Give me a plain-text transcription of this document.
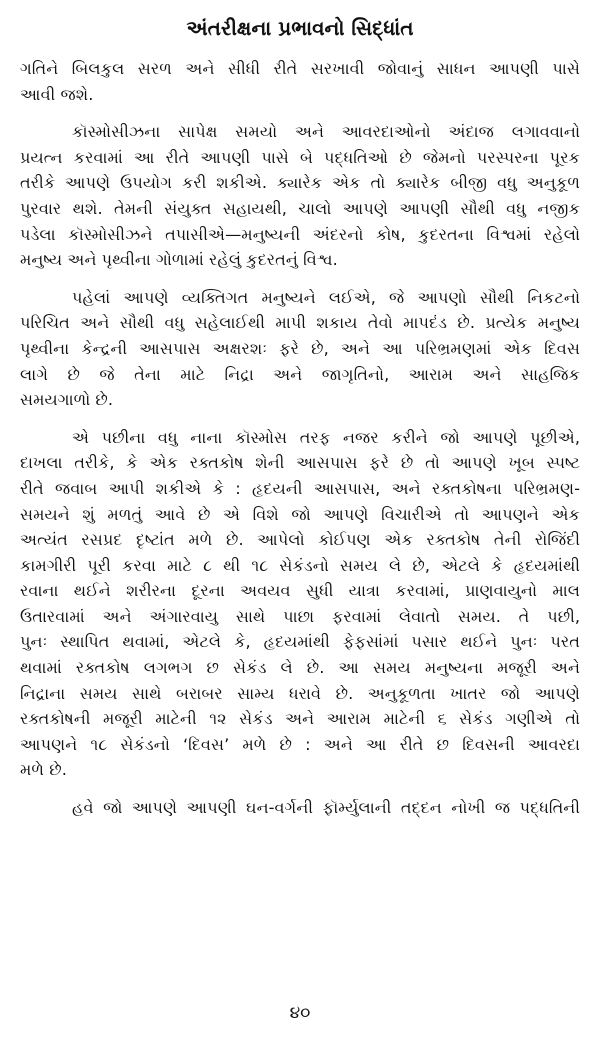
અંતરીક્ષના પ્રભાવનો સિદ્ધાંત
ગતિને બિલકુલ સરળ અને સીધી રીતે સરખાવી જોવાનું સાધન આપણી પાસે
આવી જશે.
કૉસ્મોસીઝના સાપેક્ષ સમયો અને આવરદાઓનો અંદાજ લગાવવાનો
પ્રયત્ન કરવામાં આ રીતે આપણી પાસે બે પદ્ધતિઓ છે જેમનો પરસ્પરના પૂરક
તરીકે આપણે ઉપયોગ કરી શકીએ. ક્યારેક એક તો ક્યારેક બીજી વધુ અનુકૂળ
પુરવાર થશે. તેમની સંયુક્ત સહાયથી, ચાલો આપણે આપણી સૌથી વધુ નજીક
પડેલા કૉસ્મોસીઝને તપાસીએ—મનુષ્યની અંદરનો કોષ, કુદરતના વિશ્વમાં રહેલો
મનુષ્ય અને પૃથ્વીના ગોળામાં રહેલું કુદરતનું વિશ્વ.
પહેલાં આપણે વ્યક્તિગત મનુષ્યને લઈએ, જે આપણો સૌથી નિકટનો
પરિચિત અને સૌથી વધુ સહેલાઈથી માપી શકાય તેવો માપદંડ છે. પ્રત્યેક મનુષ્ય
પૃથ્વીના કેન્દ્રની આસપાસ અક્ષરશઃ ફરે છે, અને આ પરિભ્રમણમાં એક દિવસ
લાગે છે જે તેના માટે નિદ્રા અને જાગૃતિનો, આરામ અને સાહજિક
સમયગાળો છે.
એ પછીના વધુ નાના કૉસ્મોસ તરફ નજર કરીને જો આપણે પૂછીએ,
દાખલા તરીકે, કે એક રક્તકોષ શેની આસપાસ ફરે છે તો આપણે ખૂબ સ્પષ્ટ
રીતે જવાબ આપી શકીએ કે : હૃદયની આસપાસ, અને રક્તકોષના પરિભ્રમણ-
સમયને શું મળતું આવે છે એ વિશે જો આપણે વિચારીએ તો આપણને એક
અત્યંત રસપ્રદ દૃષ્ટાંત મળે છે. આપેલો કોઈપણ એક રક્તકોષ તેની રોજિંદી
કામગીરી પૂરી કરવા માટે ૮ થી ૧૮ સેકંડનો સમય લે છે, એટલે કે હૃદયમાંથી
રવાના થઈને શરીરના દૂરના અવયવ સુધી યાત્રા કરવામાં, પ્રાણવાયુનો માલ
ઉતારવામાં અને અંગારવાયુ સાથે પાછા ફરવામાં લેવાતો સમય. તે પછી,
પુનઃ સ્થાપિત થવામાં, એટલે કે, હૃદયમાંથી ફેફસાંમાં પસાર થઈને પુનઃ પરત
થવામાં રક્તકોષ લગભગ છ સેકંડ લે છે. આ સમય મનુષ્યના મજૂરી અને
નિદ્રાના સમય સાથે બરાબર સામ્ય ધરાવે છે. અનુકૂળતા ખાતર જો આપણે
રક્તકોષની મજૂરી માટેની ૧૨ સેકંડ અને આરામ માટેની ૬ સેકંડ ગણીએ તો
આપણને ૧૮ સેકંડનો ‘દિવસ’ મળે છે : અને આ રીતે છ દિવસની આવરદા
મળે છે.
હવે જો આપણે આપણી ઘન-વર્ગની ફૉર્મ્યુલાની તદ્દન નોખી જ પદ્ધતિની
૪૦
